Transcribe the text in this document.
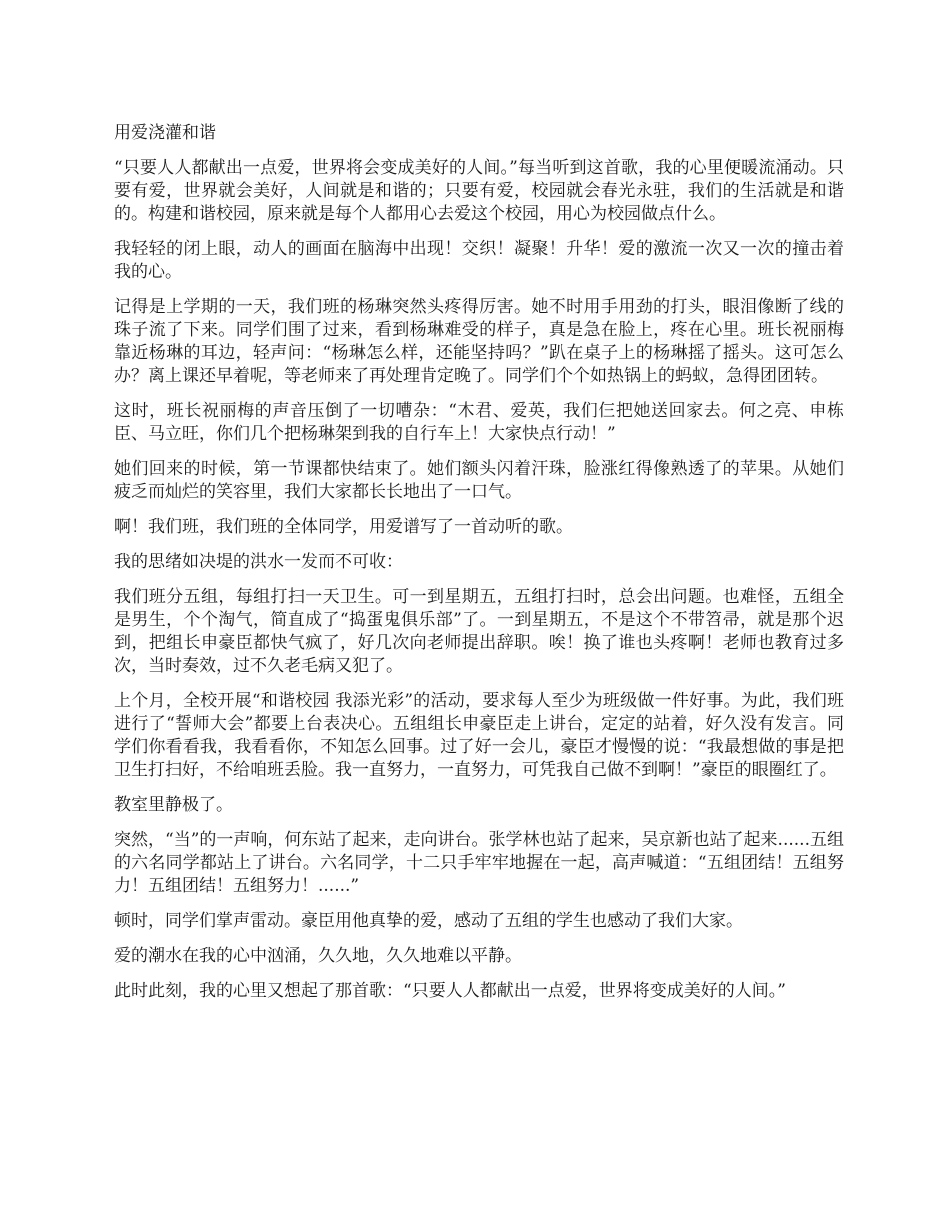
用爱浇灌和谐

“只要人人都献出一点爱，世界将会变成美好的人间。”每当听到这首歌，我的心里便暖流涌动。只要有爱，世界就会美好，人间就是和谐的；只要有爱，校园就会春光永驻，我们的生活就是和谐的。构建和谐校园，原来就是每个人都用心去爱这个校园，用心为校园做点什么。

我轻轻的闭上眼，动人的画面在脑海中出现！交织！凝聚！升华！爱的激流一次又一次的撞击着我的心。

记得是上学期的一天，我们班的杨琳突然头疼得厉害。她不时用手用劲的打头，眼泪像断了线的珠子流了下来。同学们围了过来，看到杨琳难受的样子，真是急在脸上，疼在心里。班长祝丽梅靠近杨琳的耳边，轻声问：“杨琳怎么样，还能坚持吗？”趴在桌子上的杨琳摇了摇头。这可怎么办？离上课还早着呢，等老师来了再处理肯定晚了。同学们个个如热锅上的蚂蚁，急得团团转。

这时，班长祝丽梅的声音压倒了一切嘈杂：“木君、爱英，我们仨把她送回家去。何之亮、申栋臣、马立旺，你们几个把杨琳架到我的自行车上！大家快点行动！”

她们回来的时候，第一节课都快结束了。她们额头闪着汗珠，脸涨红得像熟透了的苹果。从她们疲乏而灿烂的笑容里，我们大家都长长地出了一口气。

啊！我们班，我们班的全体同学，用爱谱写了一首动听的歌。

我的思绪如决堤的洪水一发而不可收：

我们班分五组，每组打扫一天卫生。可一到星期五，五组打扫时，总会出问题。也难怪，五组全是男生，个个淘气，简直成了“捣蛋鬼俱乐部”了。一到星期五，不是这个不带笤帚，就是那个迟到，把组长申豪臣都快气疯了，好几次向老师提出辞职。唉！换了谁也头疼啊！老师也教育过多次，当时奏效，过不久老毛病又犯了。

上个月，全校开展“和谐校园 我添光彩”的活动，要求每人至少为班级做一件好事。为此，我们班进行了“誓师大会”都要上台表决心。五组组长申豪臣走上讲台，定定的站着，好久没有发言。同学们你看看我，我看看你，不知怎么回事。过了好一会儿，豪臣才慢慢的说：“我最想做的事是把卫生打扫好，不给咱班丢脸。我一直努力，一直努力，可凭我自己做不到啊！”豪臣的眼圈红了。

教室里静极了。

突然，“当”的一声响，何东站了起来，走向讲台。张学林也站了起来，吴京新也站了起来......五组的六名同学都站上了讲台。六名同学，十二只手牢牢地握在一起，高声喊道：“五组团结！五组努力！五组团结！五组努力！......”

顿时，同学们掌声雷动。豪臣用他真挚的爱，感动了五组的学生也感动了我们大家。

爱的潮水在我的心中汹涌，久久地，久久地难以平静。

此时此刻，我的心里又想起了那首歌：“只要人人都献出一点爱，世界将变成美好的人间。”
